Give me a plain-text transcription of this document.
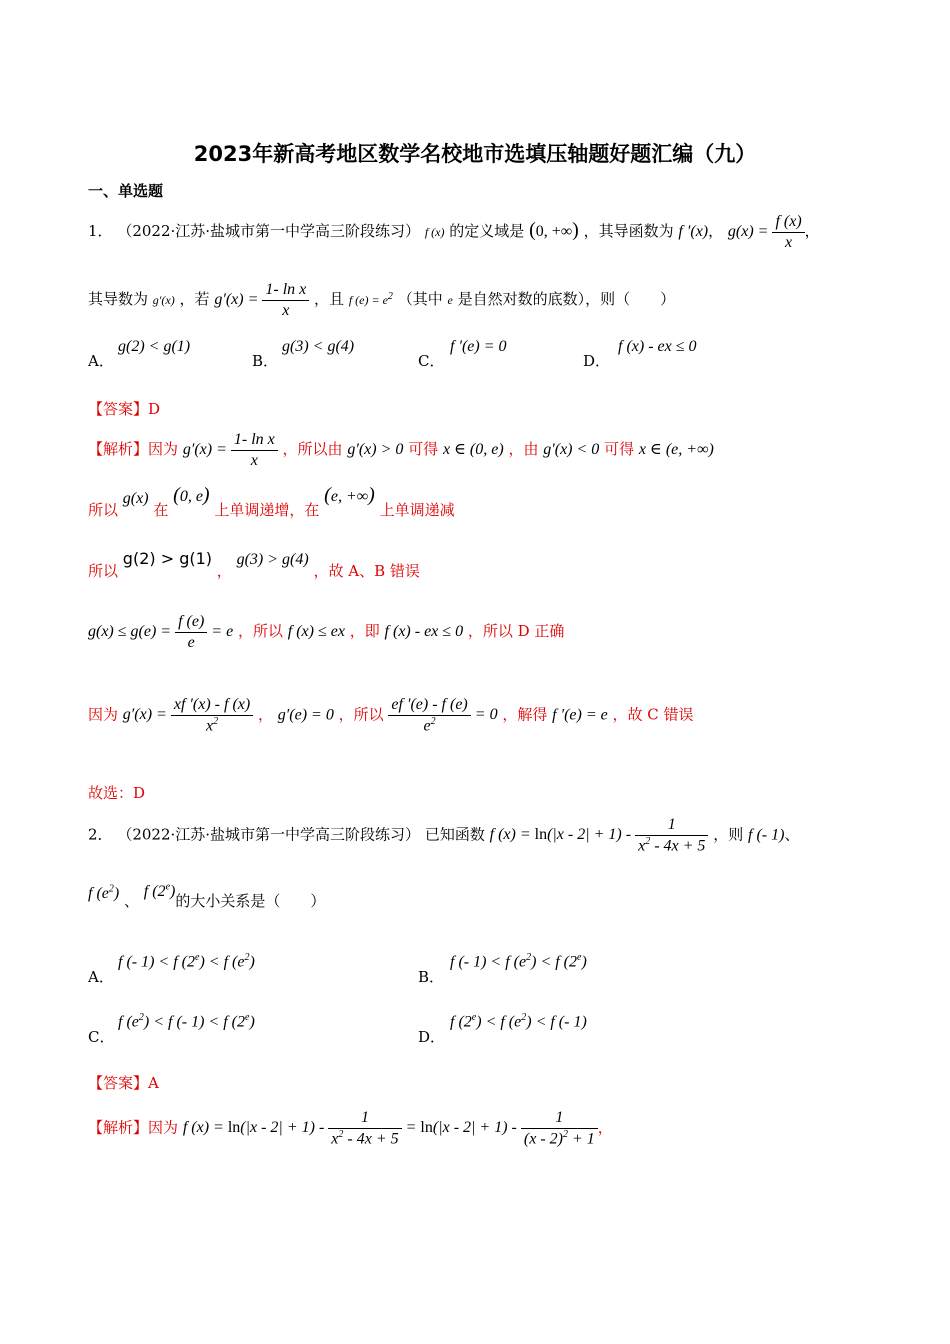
2023年新高考地区数学名校地市选填压轴题好题汇编（九）
一、单选题
1． （2022·江苏·盐城市第一中学高三阶段练习） f (x) 的定义域是 (0, +∞) ，其导函数为 f ′(x)， $g(x) = \frac{f (x)}{x}$ ，
其导数为 g′(x) ，若 $g'(x) = \frac{\text{1- ln x}}{x}$ ，且 f $(e) = e^2$ （其中 e 是自然对数的底数），则（　　）
A．
g(2) < g(1)
B．
g(3) < g(4)
C．
f ′(e) = 0
D．
f (x) - ex ≤ 0
【答案】D
【解析】因为 $g'(x) = \frac{\text{1- ln x}}{x}$ ，所以由 g′(x) > 0 可得 x ∈ (0, e) ，由 g′(x) < 0 可得 x ∈ (e, +∞)
所以 g(x) 在 (0, e) 上单调递增，在 (e, +∞) 上单调递减
所以 g(2) > g(1) ， g(3) > g(4) ，故 A、B 错误
$g(x) \le g(e) = \frac{f (e)}{e} = e$ ，所以 f (x) ≤ ex ，即 f (x) - ex ≤ 0 ，所以 D 正确
因为 $g'(x) = \frac{xf '(x) - f (x)}{x^2}$ ， g′(e) = 0 ，所以 $\frac{ef '(e) - f (e)}{e^2} = 0$ ，解得 f ′(e) = e ，故 C 错误
故选：D
2． （2022·江苏·盐城市第一中学高三阶段练习） 已知函数 f $(x) = \ln(|x - 2| + 1) - \frac{1}{x^2 - 4x + 5}$ ，则 f (- 1)、
f $(e^2)$ 、 f (2e)的大小关系是（　　）
A．
f (- 1) < f $(2^e) < f$ $(e^2)$
B．
f (- 1) < f $(e^2) < f$ (2e)
C．
f $(e^2) < f$ (- 1) < f (2e)
D．
f $(2^e) < f$ $(e^2) < f$ (- 1)
【答案】A
【解析】因为 f $(x) = \ln(|x - 2| + 1) - \frac{1}{x^2 - 4x + 5} = \ln(|x - 2| + 1) - \frac{1}{(x - 2)^2 + 1}$ ，
